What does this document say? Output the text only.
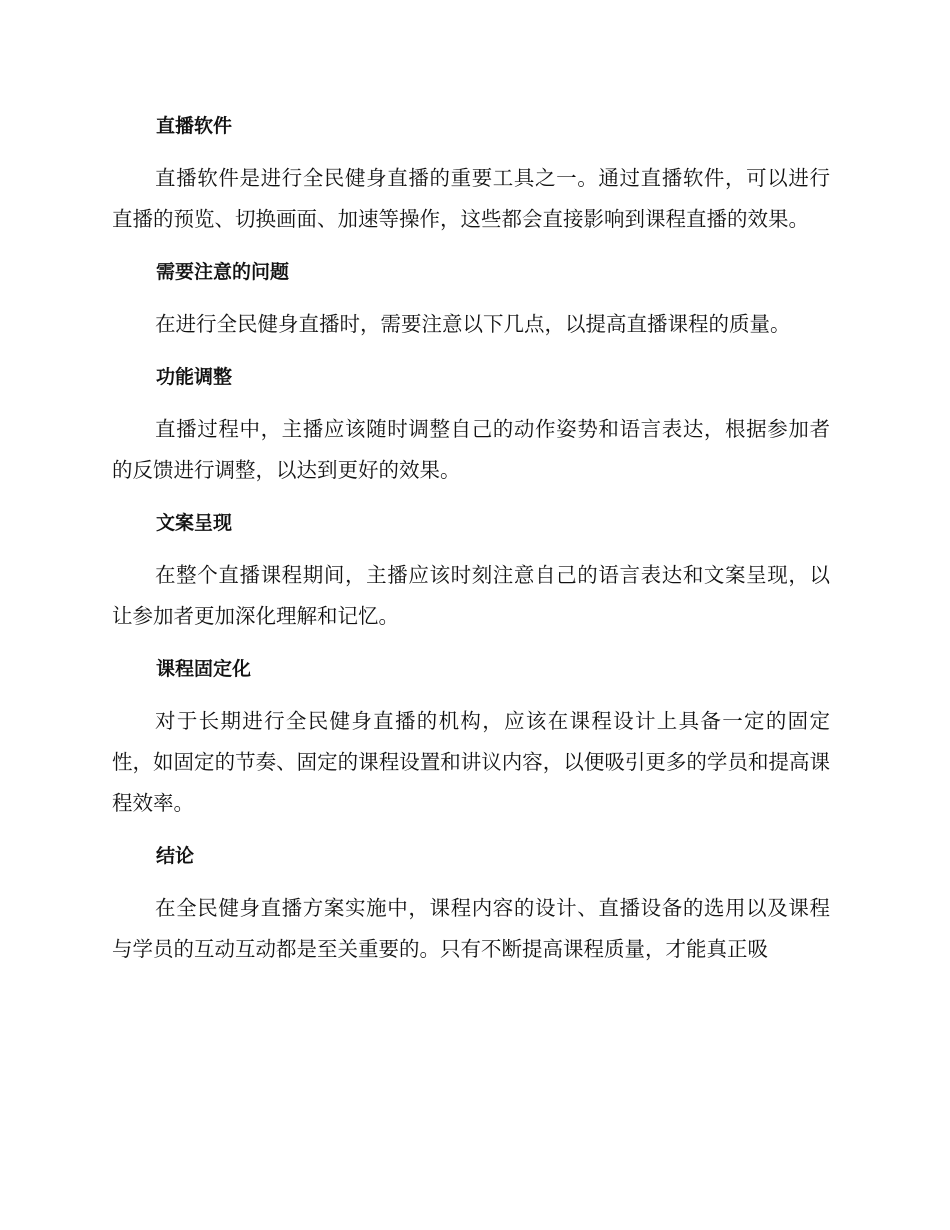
直播软件
直播软件是进行全民健身直播的重要工具之一。通过直播软件，可以进行直播的预览、切换画面、加速等操作，这些都会直接影响到课程直播的效果。
需要注意的问题
在进行全民健身直播时，需要注意以下几点，以提高直播课程的质量。
功能调整
直播过程中，主播应该随时调整自己的动作姿势和语言表达，根据参加者的反馈进行调整，以达到更好的效果。
文案呈现
在整个直播课程期间，主播应该时刻注意自己的语言表达和文案呈现，以让参加者更加深化理解和记忆。
课程固定化
对于长期进行全民健身直播的机构，应该在课程设计上具备一定的固定性，如固定的节奏、固定的课程设置和讲议内容，以便吸引更多的学员和提高课程效率。
结论
在全民健身直播方案实施中，课程内容的设计、直播设备的选用以及课程与学员的互动互动都是至关重要的。只有不断提高课程质量，才能真正吸
